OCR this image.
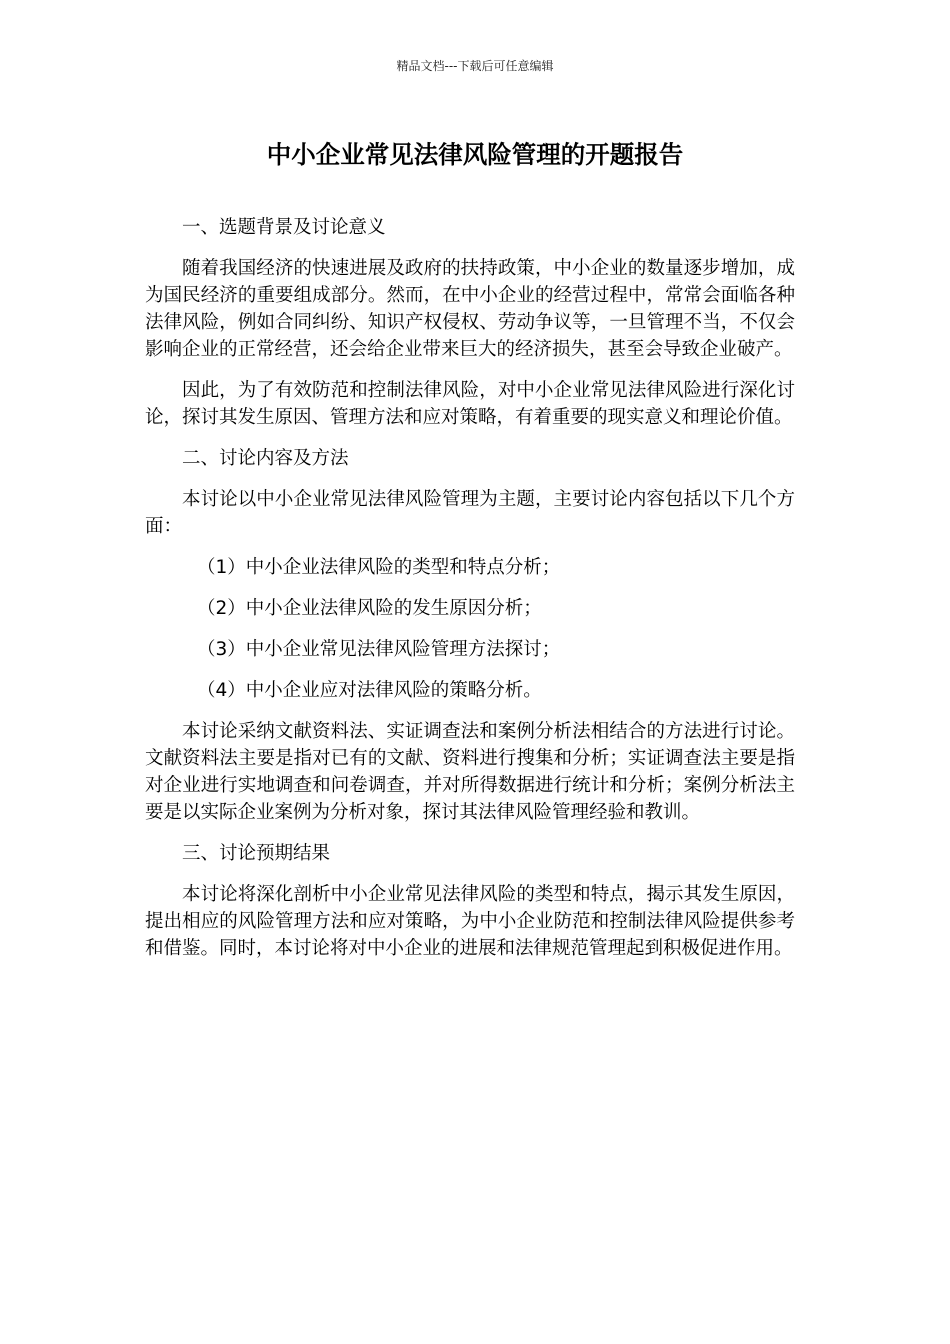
精品文档---下载后可任意编辑
中小企业常见法律风险管理的开题报告

一、选题背景及讨论意义

随着我国经济的快速进展及政府的扶持政策，中小企业的数量逐步增加，成为国民经济的重要组成部分。然而，在中小企业的经营过程中，常常会面临各种法律风险，例如合同纠纷、知识产权侵权、劳动争议等，一旦管理不当，不仅会影响企业的正常经营，还会给企业带来巨大的经济损失，甚至会导致企业破产。

因此，为了有效防范和控制法律风险，对中小企业常见法律风险进行深化讨论，探讨其发生原因、管理方法和应对策略，有着重要的现实意义和理论价值。

二、讨论内容及方法

本讨论以中小企业常见法律风险管理为主题，主要讨论内容包括以下几个方面：

（1）中小企业法律风险的类型和特点分析；

（2）中小企业法律风险的发生原因分析；

（3）中小企业常见法律风险管理方法探讨；

（4）中小企业应对法律风险的策略分析。

本讨论采纳文献资料法、实证调查法和案例分析法相结合的方法进行讨论。文献资料法主要是指对已有的文献、资料进行搜集和分析；实证调查法主要是指对企业进行实地调查和问卷调查，并对所得数据进行统计和分析；案例分析法主要是以实际企业案例为分析对象，探讨其法律风险管理经验和教训。

三、讨论预期结果

本讨论将深化剖析中小企业常见法律风险的类型和特点，揭示其发生原因，提出相应的风险管理方法和应对策略，为中小企业防范和控制法律风险提供参考和借鉴。同时，本讨论将对中小企业的进展和法律规范管理起到积极促进作用。
